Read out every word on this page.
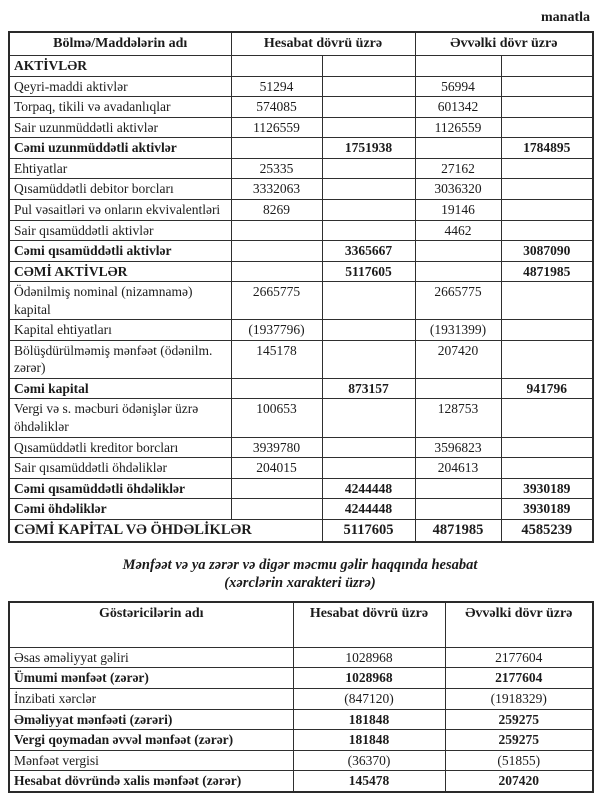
manatla
Bölmə/Maddələrin adı	Hesabat dövrü üzrə		Əvvəlki dövr üzrə	
AKTİVLƏR				
Qeyri-maddi aktivlər	51294		56994	
Torpaq, tikili və avadanlıqlar	574085		601342	
Sair uzunmüddətli aktivlər	1126559		1126559	
Cəmi uzunmüddətli aktivlər		1751938		1784895
Ehtiyatlar	25335		27162	
Qısamüddətli debitor borcları	3332063		3036320	
Pul vəsaitləri və onların ekvivalentləri	8269		19146	
Sair qısamüddətli aktivlər			4462	
Cəmi qısamüddətli aktivlər		3365667		3087090
CƏMİ AKTİVLƏR		5117605		4871985
Ödənilmiş nominal (nizamnamə) kapital	2665775		2665775	
Kapital ehtiyatları	(1937796)		(1931399)	
Bölüşdürülməmiş mənfəət (ödənilm. zərər)	145178		207420	
Cəmi kapital		873157		941796
Vergi və s. məcburi ödənişlər üzrə öhdəliklər	100653		128753	
Qısamüddətli kreditor borcları	3939780		3596823	
Sair qısamüddətli öhdəliklər	204015		204613	
Cəmi qısamüddətli öhdəliklər		4244448		3930189
Cəmi öhdəliklər		4244448		3930189
CƏMİ KAPİTAL VƏ ÖHDƏLİKLƏR		5117605	4871985	4585239
Mənfəət və ya zərər və digər məcmu gəlir haqqında hesabat
(xərclərin xarakteri üzrə)
Göstəricilərin adı	Hesabat dövrü üzrə	Əvvəlki dövr üzrə
Əsas əməliyyat gəliri	1028968	2177604
Ümumi mənfəət (zərər)	1028968	2177604
İnzibati xərclər	(847120)	(1918329)
Əməliyyat mənfəəti (zərəri)	181848	259275
Vergi qoymadan əvvəl mənfəət (zərər)	181848	259275
Mənfəət vergisi	(36370)	(51855)
Hesabat dövründə xalis mənfəət (zərər)	145478	207420
